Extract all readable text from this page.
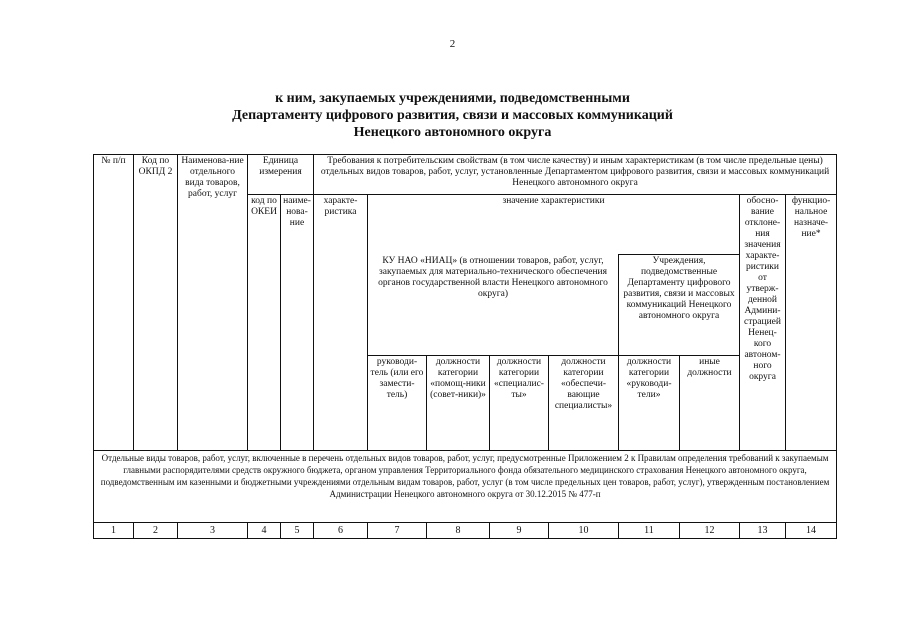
2
к ним, закупаемых учреждениями, подведомственными
Департаменту цифрового развития, связи и массовых коммуникаций
Ненецкого автономного округа
№ п/п	Код по ОКПД 2	Наименова-ние отдельного вида товаров, работ, услуг	Единица измерения		Требования к потребительским свойствам (в том числе качеству) и иным характеристикам (в том числе предельные цены) отдельных видов товаров, работ, услуг, установленные Департаментом цифрового развития, связи и массовых коммуникаций Ненецкого автономного округа								
			код по ОКЕИ	наиме-нова-ние	характе-ристика	значение характеристики						обосно-вание отклоне-ния значения характе-ристики от утверж-денной Админи-страцией Ненец-кого автоном-ного округа	функцио-нальное назначе-ние*
						КУ НАО «НИАЦ» (в отношении товаров, работ, услуг, закупаемых для материально-технического обеспечения органов государственной власти Ненецкого автономного округа)				Учреждения, подведомственные Департаменту цифрового развития, связи и массовых коммуникаций Ненецкого автономного округа			
						руководи-тель (или его замести-тель)	должности категории «помощ-ники (совет-ники)»	должности категории «специалис-ты»	должности категории «обеспечи-вающие специалисты»	должности категории «руководи-тели»	иные должности		
Отдельные виды товаров, работ, услуг, включенные в перечень отдельных видов товаров, работ, услуг, предусмотренные Приложением 2 к Правилам определения требований к закупаемым главными распорядителями средств окружного бюджета, органом управления Территориального фонда обязательного медицинского страхования Ненецкого автономного округа, подведомственным им казенными и бюджетными учреждениями отдельным видам товаров, работ, услуг (в том числе предельных цен товаров, работ, услуг), утвержденным постановлением Администрации Ненецкого автономного округа от 30.12.2015 № 477-п													
1	2	3	4	5	6	7	8	9	10	11	12	13	14
